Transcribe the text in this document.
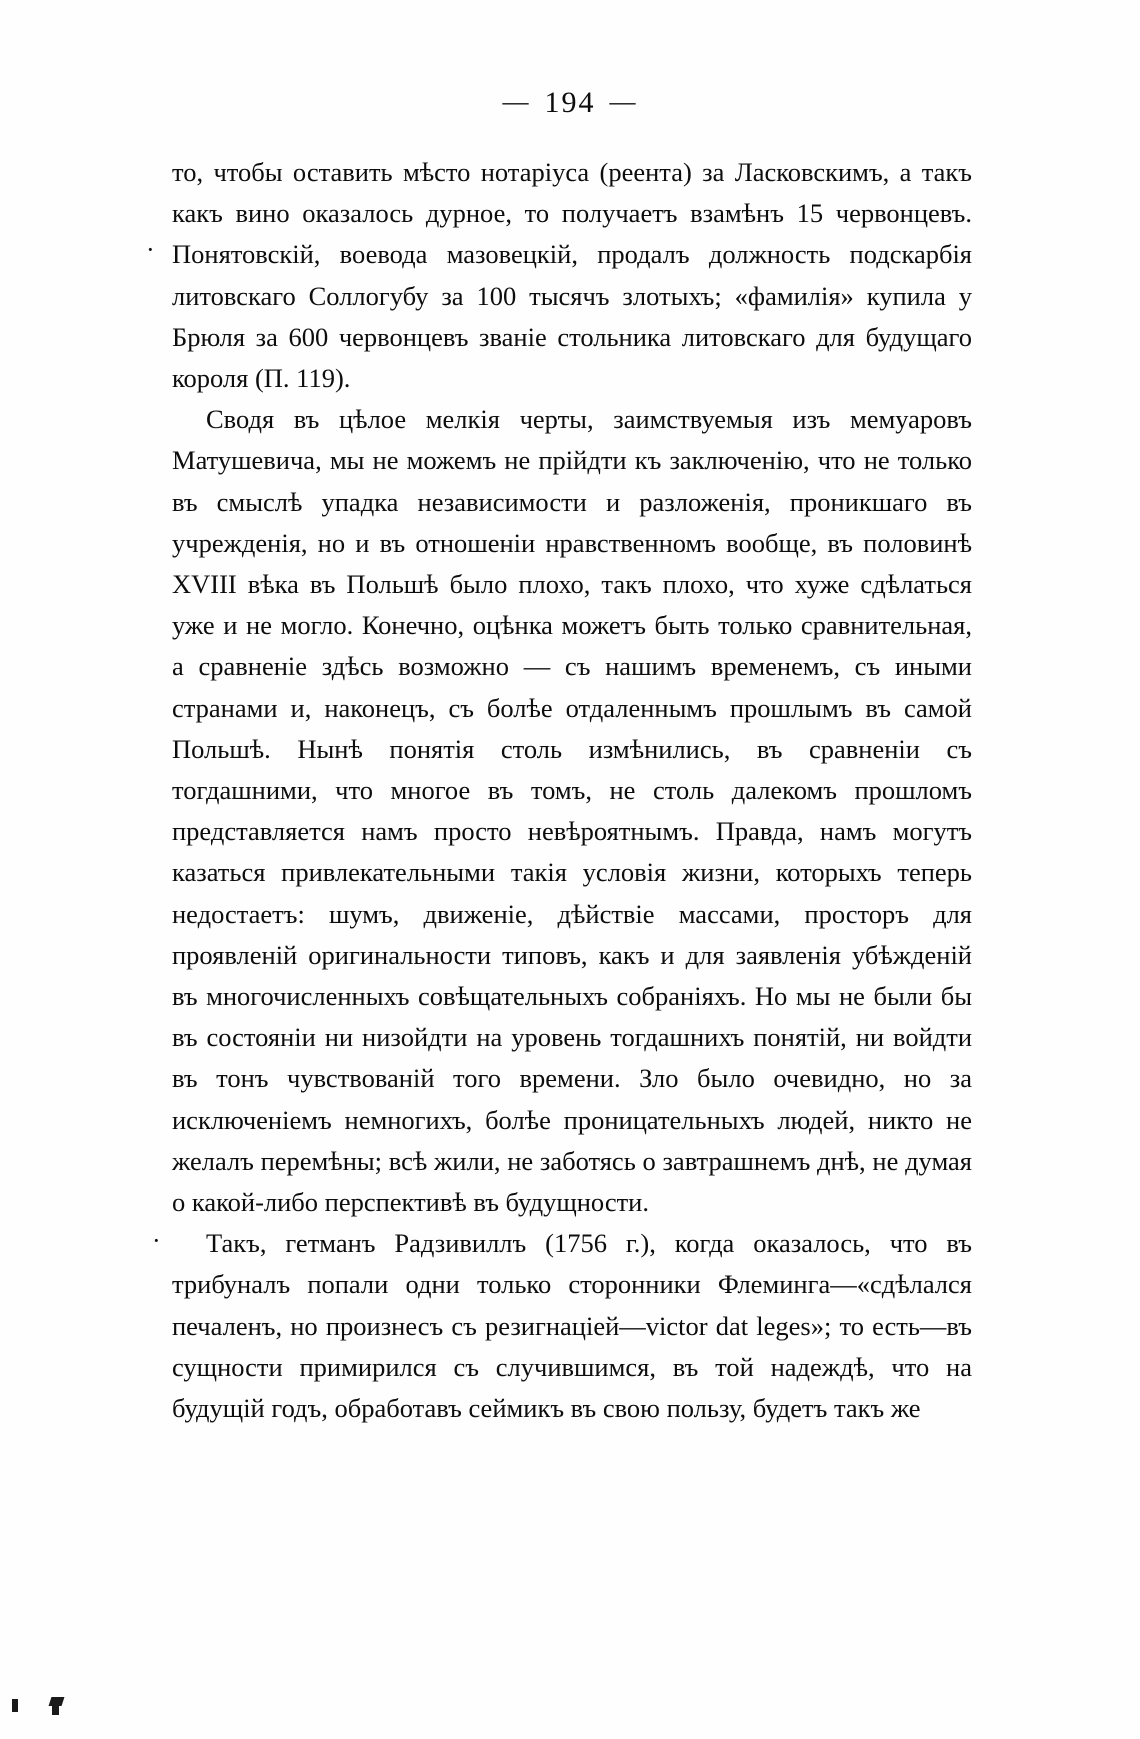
— 194 —
·
·

то, чтобы оставить мѣсто нотаріуса (реента) за Ласковскимъ, а такъ какъ вино оказалось дурное, то получаетъ взамѣнъ 15 червонцевъ. Понятовскій, воевода мазовецкій, продалъ должность подскарбія литовскаго Соллогубу за 100 тысячъ злотыхъ; «фамилія» купила у Брюля за 600 червонцевъ званіе стольника литовскаго для будущаго короля (П. 119).

Сводя въ цѣлое мелкія черты, заимствуемыя изъ мемуаровъ Матушевича, мы не можемъ не прійдти къ заключенію, что не только въ смыслѣ упадка независимости и разложенія, проникшаго въ учрежденія, но и въ отношеніи нравственномъ вообще, въ половинѣ XVIII вѣка въ Польшѣ было плохо, такъ плохо, что хуже сдѣлаться уже и не могло. Конечно, оцѣнка можетъ быть только сравнительная, а сравненіе здѣсь возможно — съ нашимъ временемъ, съ иными странами и, наконецъ, съ болѣе отдаленнымъ прошлымъ въ самой Польшѣ. Нынѣ понятія столь измѣнились, въ сравненіи съ тогдашними, что многое въ томъ, не столь далекомъ прошломъ представляется намъ просто невѣроятнымъ. Правда, намъ могутъ казаться привлекательными такія условія жизни, которыхъ теперь недостаетъ: шумъ, движеніе, дѣйствіе массами, просторъ для проявленій оригинальности типовъ, какъ и для заявленія убѣжденій въ многочисленныхъ совѣщательныхъ собраніяхъ. Но мы не были бы въ состояніи ни низойдти на уровень тогдашнихъ понятій, ни войдти въ тонъ чувствованій того времени. Зло было очевидно, но за исключеніемъ немногихъ, болѣе проницательныхъ людей, никто не желалъ перемѣны; всѣ жили, не заботясь о завтрашнемъ днѣ, не думая о какой-либо перспективѣ въ будущности.

Такъ, гетманъ Радзивиллъ (1756 г.), когда оказалось, что въ трибуналъ попали одни только сторонники Флеминга—«сдѣлался печаленъ, но произнесъ съ резигнаціей—victor dat leges»; то есть—въ сущности примирился съ случившимся, въ той надеждѣ, что на будущій годъ, обработавъ сеймикъ въ свою пользу, будетъ такъ же
